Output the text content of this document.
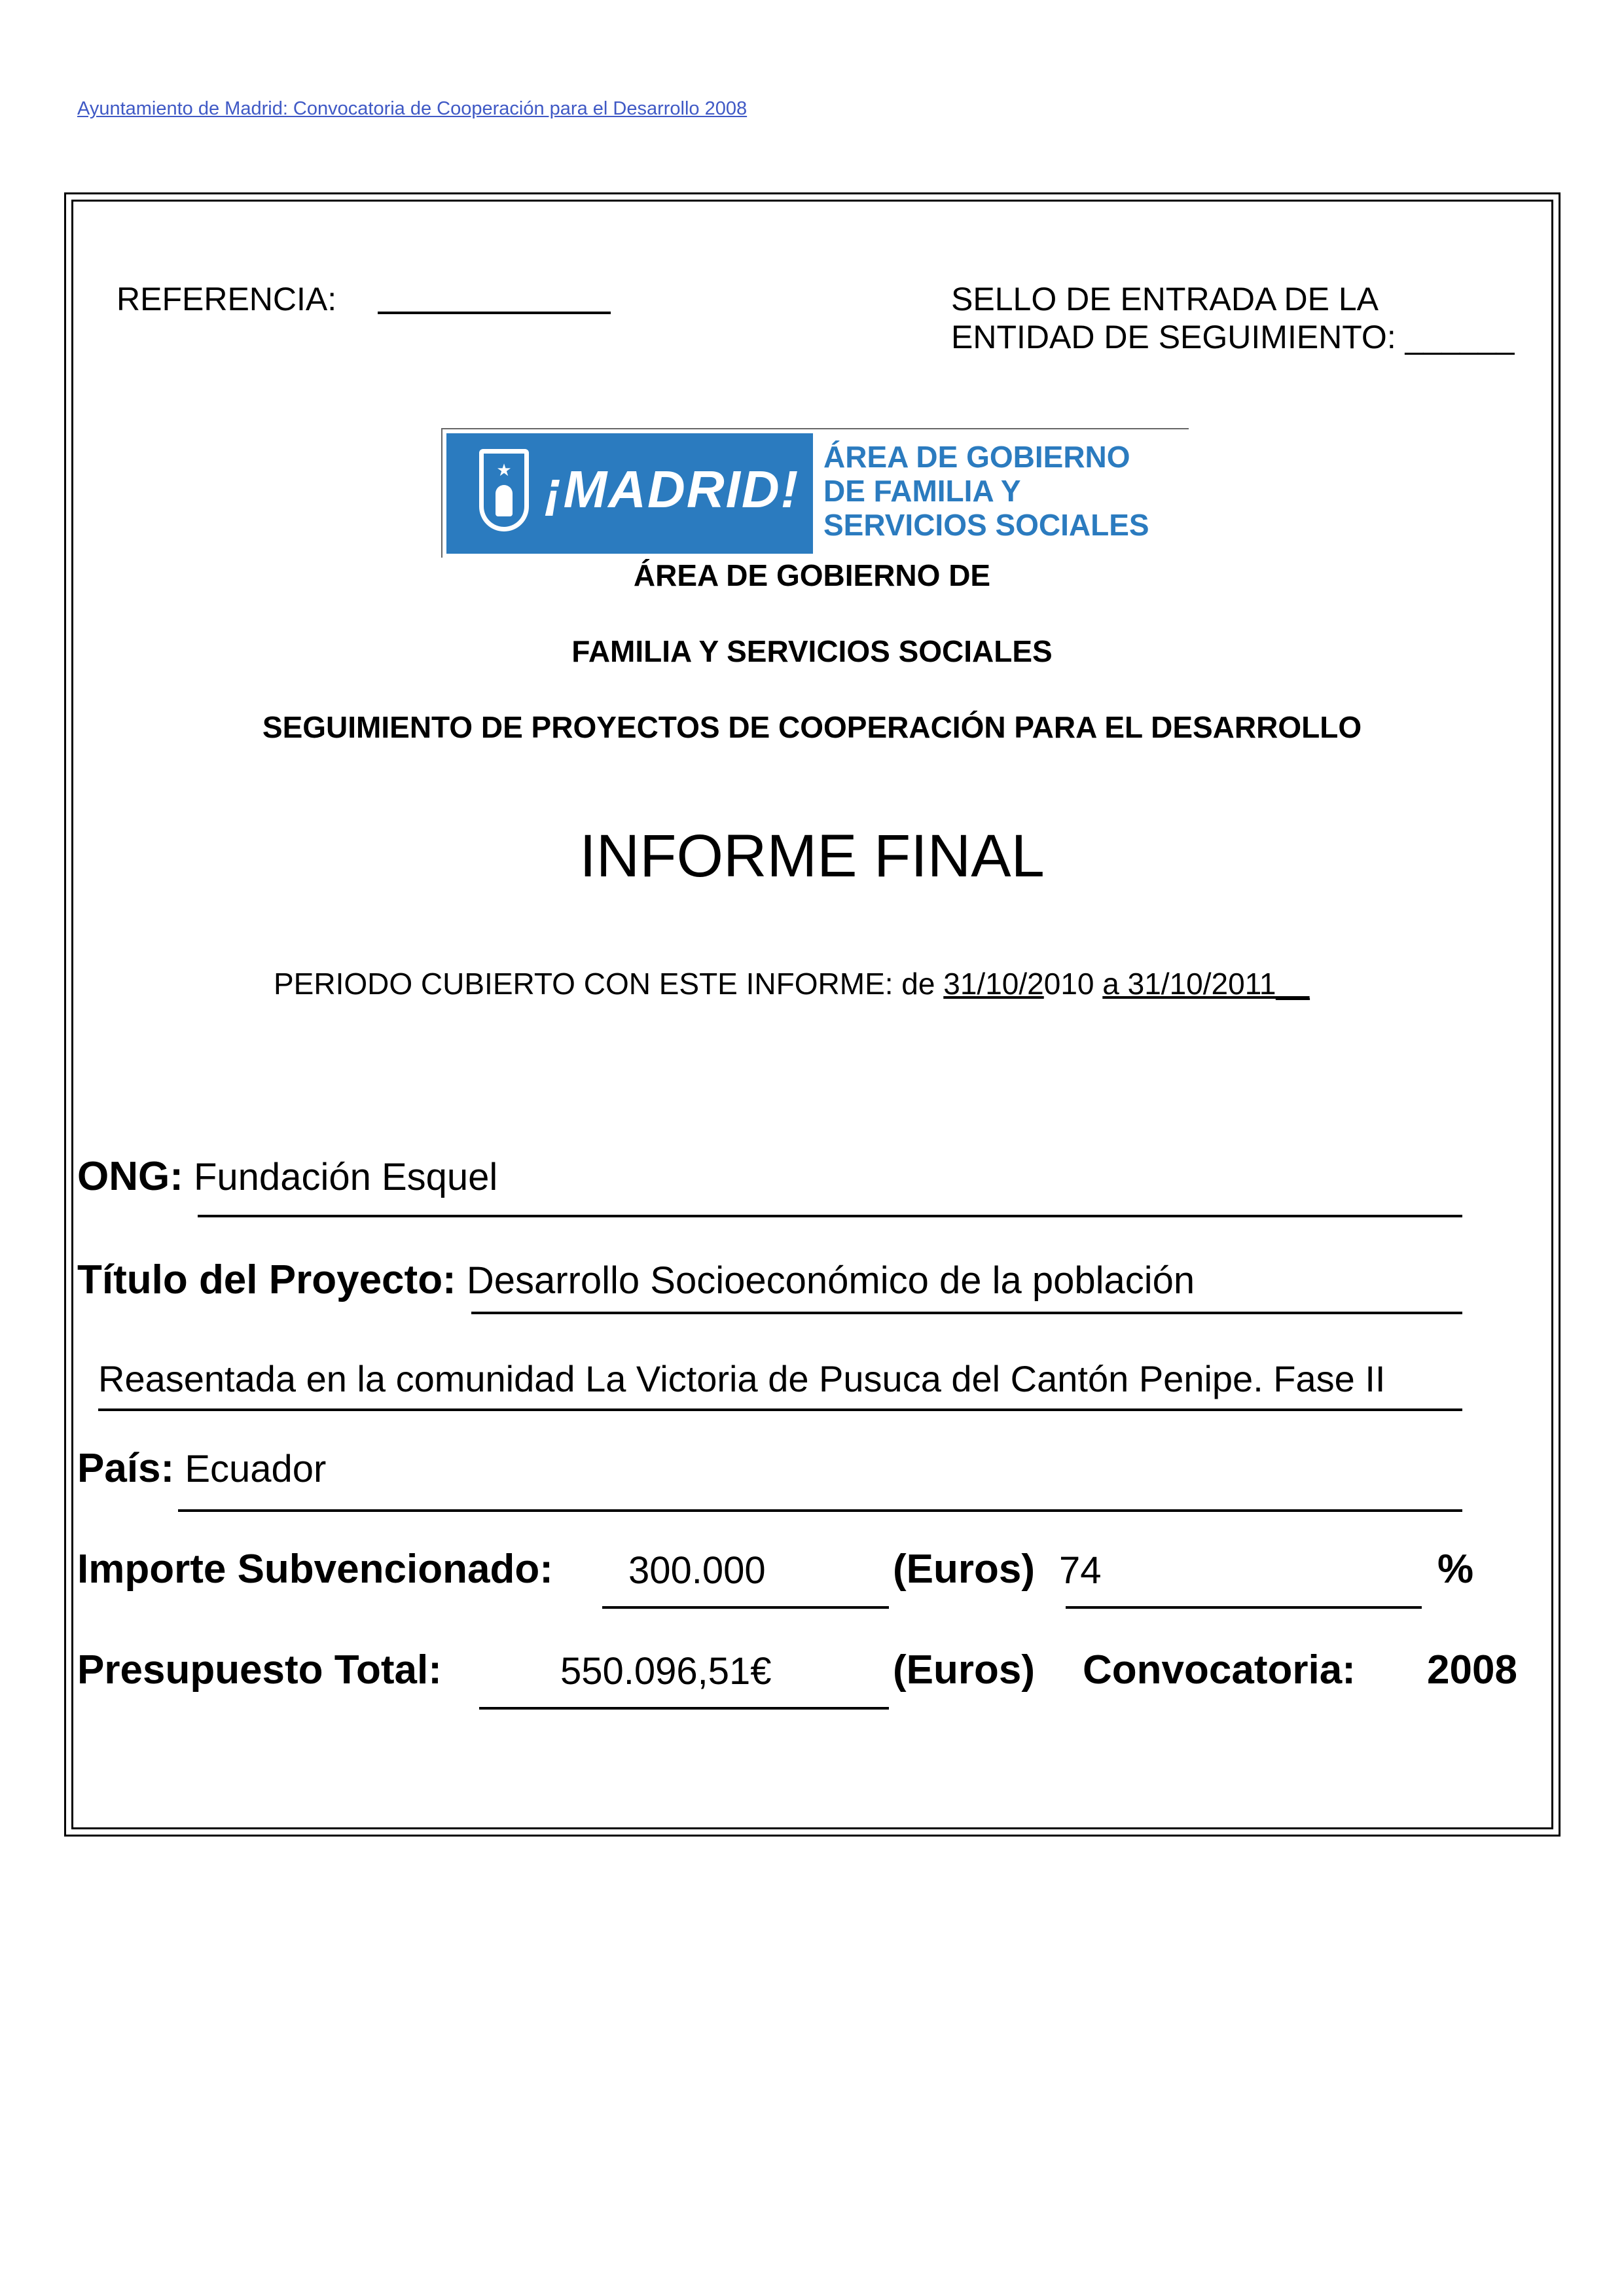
Ayuntamiento de Madrid: Convocatoria de Cooperación para el Desarrollo 2008
REFERENCIA:	SELLO DE ENTRADA DE LA
ENTIDAD DE SEGUIMIENTO: ______
★ ¡MADRID!
ÁREA DE GOBIERNO
DE FAMILIA Y
SERVICIOS SOCIALES
ÁREA DE GOBIERNO DE
FAMILIA Y SERVICIOS SOCIALES
SEGUIMIENTO DE PROYECTOS DE COOPERACIÓN PARA EL DESARROLLO
INFORME FINAL
PERIODO CUBIERTO CON ESTE INFORME: de 31/10/2010 a 31/10/2011__
ONG: Fundación Esquel
Título del Proyecto: Desarrollo Socioeconómico de la población
Reasentada en la comunidad La Victoria de Pusuca del Cantón Penipe. Fase II
País: Ecuador
Importe Subvencionado: 300.000	(Euros) 74	%
Presupuesto Total:	550.096,51€	(Euros) Convocatoria: 2008
